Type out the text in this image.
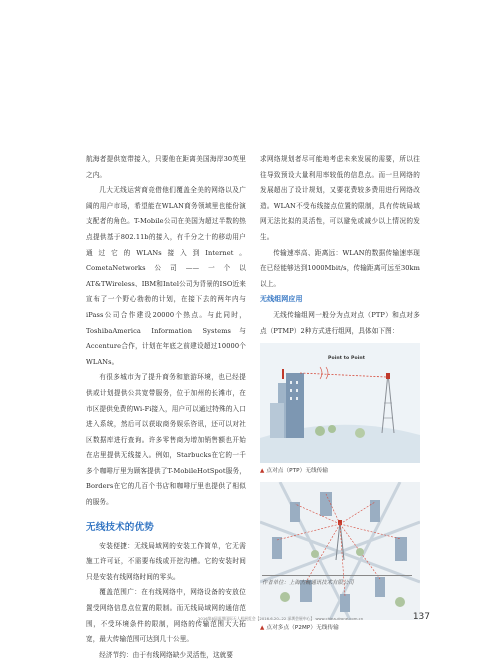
航海者提供宽带接入，只要他在距离美国海岸30英里之内。

几大无线运营商竞借他们覆盖全美的网络以及广阔的用户市场，希望能在WLAN商务领域里也能份演支配者的角色。T-Mobile公司在美国为超过半数的热点提供基于802.11b的接入，有千分之十的移动用户通过它的WLANs接入到Internet。CometaNetworks公司——一个以AT&TWireless、IBM和Intel公司为背景的ISO近来宣布了一个野心勃勃的计划，在接下去的两年内与iPass公司合作建设20000个热点。与此同时，ToshibaAmerica Information Systems与Accenture合作，计划在年底之前建设超过10000个WLANs。

有很多城市为了提升商务和旅游环境，也已经提供或计划提供公共宽带服务，位于加州的长滩市，在市区提供免费的Wi-Fi接入，用户可以通过特殊的入口进入系统，然后可以获取商务娱乐咨讯，还可以对社区数据库进行查询。许多零售商为增加销售额也开始在店里提供无线接入。例如，Starbucks在它的一千多个咖啡厅里为顾客提供了T-MobileHotSpot服务，Borders在它的几百个书店和咖啡厅里也提供了相似的服务。

无线技术的优势

安装便捷：无线局域网的安装工作简单，它无需施工许可证，不需要布线或开挖沟槽。它的安装时间只是安装有线网络时间的零头。

覆盖范围广：在有线网络中，网络设备的安放位置受网络信息点位置的限制。而无线局域网的通信范围，不受环境条件的限制，网络的传输范围大大拓宽，最大传输范围可达到几十公里。

经济节约：由于有线网络缺少灵活性，这就要

求网络规划者尽可能地考虑未来发展的需要，所以往往导致预设大量利用率较低的信息点。而一旦网络的发展超出了设计规划，又要花费较多费用进行网络改造。WLAN不受布线接点位置的限制，具有传统局域网无法比拟的灵活性，可以避免或减少以上情况的发生。

传输速率高、距离远：WLAN的数据传输速率现在已经能够达到1000Mbit/s，传输距离可远至30km以上。

无线组网应用

无线传输组网一般分为点对点（PTP）和点对多点（PTMP）2种方式进行组网，具体如下图：

Point to Point
▲ 点对点（PTP）无线传输
▲ 点对多点（P2MP）无线传输
作者单位：上海杰巍通讯技术有限公司
2016第8届深圳国际无人机展览会【2016.6.20--22 深圳会展中心】 www.china-drone.com.cn	137
